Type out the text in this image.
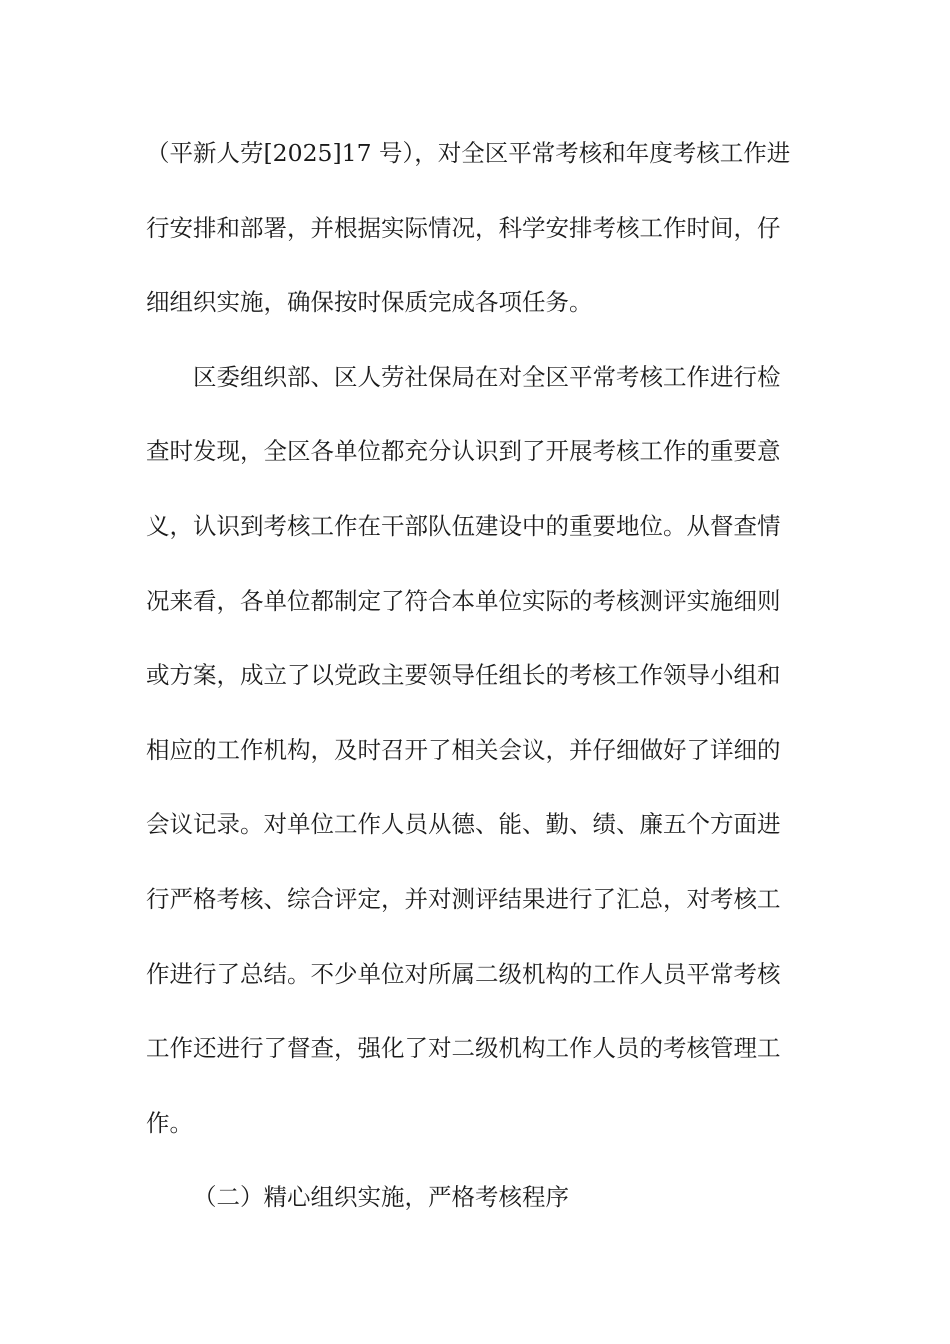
（平新人劳[2025]17 号），对全区平常考核和年度考核工作进
行安排和部署，并根据实际情况，科学安排考核工作时间，仔
细组织实施，确保按时保质完成各项任务。
区委组织部、区人劳社保局在对全区平常考核工作进行检
查时发现，全区各单位都充分认识到了开展考核工作的重要意
义，认识到考核工作在干部队伍建设中的重要地位。从督查情
况来看，各单位都制定了符合本单位实际的考核测评实施细则
或方案，成立了以党政主要领导任组长的考核工作领导小组和
相应的工作机构，及时召开了相关会议，并仔细做好了详细的
会议记录。对单位工作人员从德、能、勤、绩、廉五个方面进
行严格考核、综合评定，并对测评结果进行了汇总，对考核工
作进行了总结。不少单位对所属二级机构的工作人员平常考核
工作还进行了督查，强化了对二级机构工作人员的考核管理工
作。
（二）精心组织实施，严格考核程序
